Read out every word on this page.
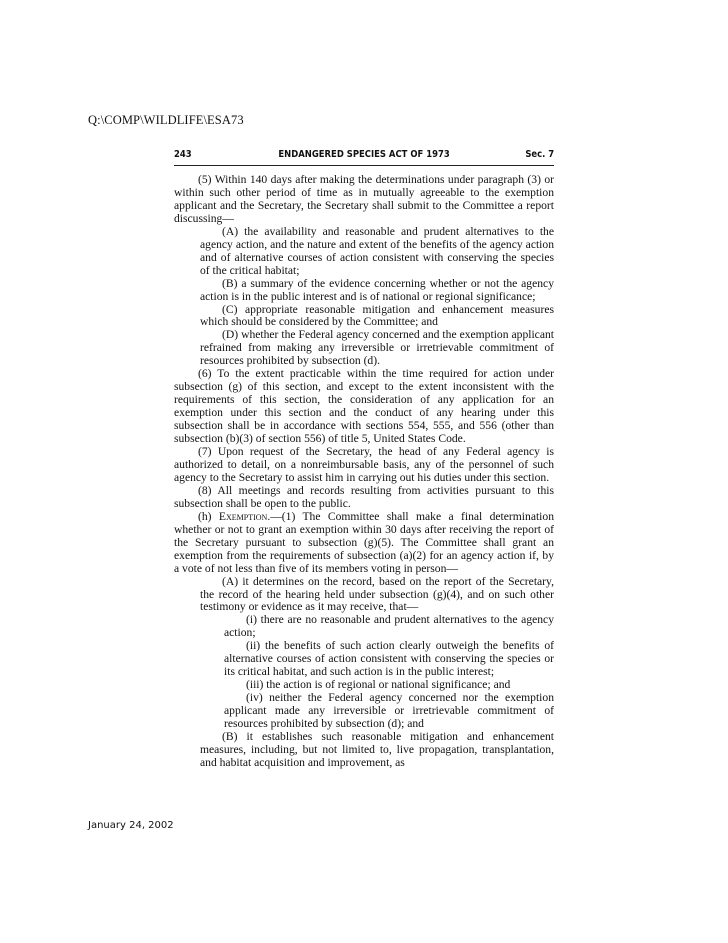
Q:\COMP\WILDLIFE\ESA73
243	ENDANGERED SPECIES ACT OF 1973	Sec. 7

(5) Within 140 days after making the determinations under paragraph (3) or within such other period of time as in mutually agreeable to the exemption applicant and the Secretary, the Secretary shall submit to the Committee a report discussing—

(A) the availability and reasonable and prudent alternatives to the agency action, and the nature and extent of the benefits of the agency action and of alternative courses of action consistent with conserving the species of the critical habitat;

(B) a summary of the evidence concerning whether or not the agency action is in the public interest and is of national or regional significance;

(C) appropriate reasonable mitigation and enhancement measures which should be considered by the Committee; and

(D) whether the Federal agency concerned and the exemption applicant refrained from making any irreversible or irretrievable commitment of resources prohibited by subsection (d).

(6) To the extent practicable within the time required for action under subsection (g) of this section, and except to the extent inconsistent with the requirements of this section, the consideration of any application for an exemption under this section and the conduct of any hearing under this subsection shall be in accordance with sections 554, 555, and 556 (other than subsection (b)(3) of section 556) of title 5, United States Code.

(7) Upon request of the Secretary, the head of any Federal agency is authorized to detail, on a nonreimbursable basis, any of the personnel of such agency to the Secretary to assist him in carrying out his duties under this section.

(8) All meetings and records resulting from activities pursuant to this subsection shall be open to the public.

(h) Exemption.—(1) The Committee shall make a final determination whether or not to grant an exemption within 30 days after receiving the report of the Secretary pursuant to subsection (g)(5). The Committee shall grant an exemption from the requirements of subsection (a)(2) for an agency action if, by a vote of not less than five of its members voting in person—

(A) it determines on the record, based on the report of the Secretary, the record of the hearing held under subsection (g)(4), and on such other testimony or evidence as it may receive, that—

(i) there are no reasonable and prudent alternatives to the agency action;

(ii) the benefits of such action clearly outweigh the benefits of alternative courses of action consistent with conserving the species or its critical habitat, and such action is in the public interest;

(iii) the action is of regional or national significance; and

(iv) neither the Federal agency concerned nor the exemption applicant made any irreversible or irretrievable commitment of resources prohibited by subsection (d); and

(B) it establishes such reasonable mitigation and enhancement measures, including, but not limited to, live propagation, transplantation, and habitat acquisition and improvement, as

January 24, 2002
